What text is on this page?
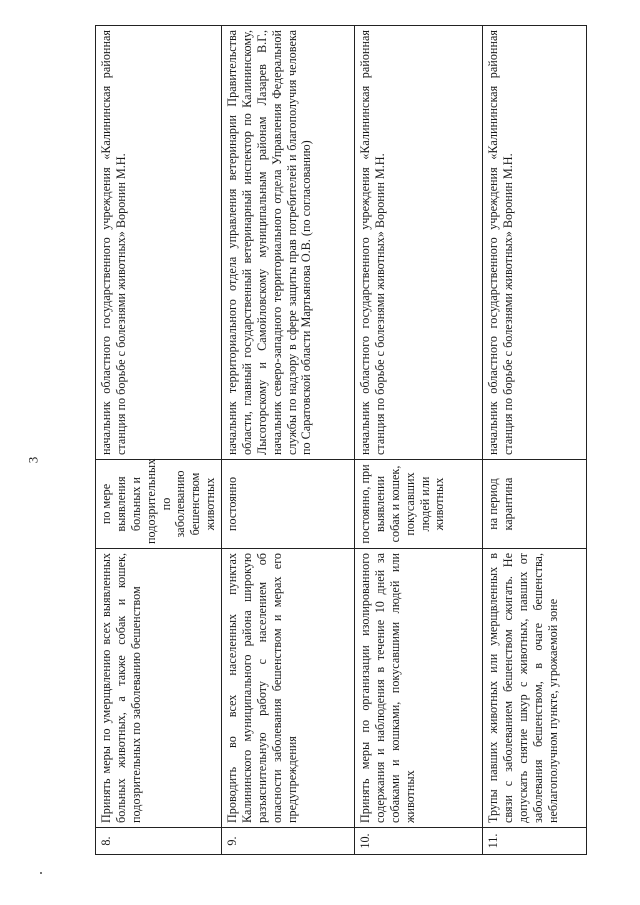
3
8.	Принять меры по умерщвлению всех выявленных больных животных, а также собак и кошек, подозрительных по заболеванию бешенством	по мере выявления больных и подозрительных по заболеванию бешенством животных	начальник областного государственного учреждения «Калининская районная станция по борьбе с болезнями животных» Воронин М.Н.
9.	Проводить во всех населенных пунктах Калининского муниципального района широкую разъяснительную работу с населением об опасности заболевания бешенством и мерах его предупреждения	постоянно	начальник территориального отдела управления ветеринарии Правительства области, главный государственный ветеринарный инспектор по Калининскому, Лысогорскому и Самойловскому муниципальным районам Лазарев В.Г., начальник северо-западного территориального отдела Управления Федеральной службы по надзору в сфере защиты прав потребителей и благополучия человека по Саратовской области Мартьянова О.В. (по согласованию)
10.	Принять меры по организации изолированного содержания и наблюдения в течение 10 дней за собаками и кошками, покусавшими людей или животных	постоянно, при выявлении собак и кошек, покусавших людей или животных	начальник областного государственного учреждения «Калининская районная станция по борьбе с болезнями животных» Воронин М.Н.
11.	Трупы павших животных или умерщвленных в связи с заболеванием бешенством сжигать. Не допускать снятие шкур с животных, павших от заболевания бешенством, в очаге бешенства, неблагополучном пункте, угрожаемой зоне	на период карантина	начальник областного государственного учреждения «Калининская районная станция по борьбе с болезнями животных» Воронин М.Н.
